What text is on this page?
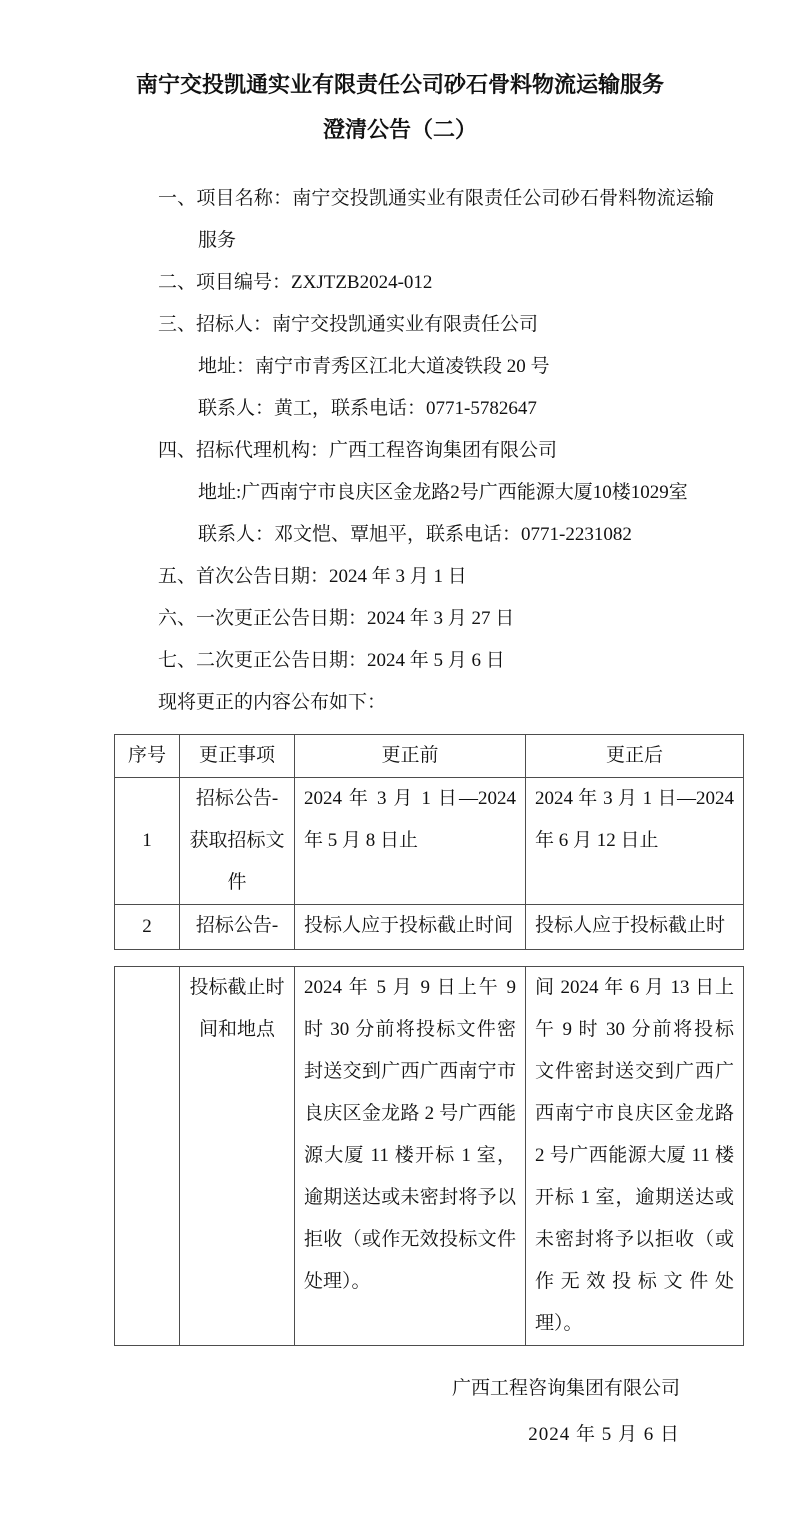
南宁交投凯通实业有限责任公司砂石骨料物流运输服务
澄清公告（二）
一、项目名称：南宁交投凯通实业有限责任公司砂石骨料物流运输服务
二、项目编号：ZXJTZB2024-012
三、招标人：南宁交投凯通实业有限责任公司
地址：南宁市青秀区江北大道凌铁段 20 号
联系人：黄工，联系电话：0771-5782647
四、招标代理机构：广西工程咨询集团有限公司
地址:广西南宁市良庆区金龙路2号广西能源大厦10楼1029室
联系人：邓文恺、覃旭平，联系电话：0771-2231082
五、首次公告日期：2024 年 3 月 1 日
六、一次更正公告日期：2024 年 3 月 27 日
七、二次更正公告日期：2024 年 5 月 6 日
现将更正的内容公布如下：
序号	更正事项	更正前	更正后
1	招标公告-获取招标文件	2024 年 3 月 1 日—2024 年 5 月 8 日止	2024 年 3 月 1 日—2024 年 6 月 12 日止
2	招标公告-	投标人应于投标截止时间	投标人应于投标截止时
	投标截止时间和地点	2024 年 5 月 9 日上午 9 时 30 分前将投标文件密封送交到广西广西南宁市良庆区金龙路 2 号广西能源大厦 11 楼开标 1 室，逾期送达或未密封将予以拒收（或作无效投标文件处理）。	间 2024 年 6 月 13 日上午 9 时 30 分前将投标文件密封送交到广西广西南宁市良庆区金龙路 2 号广西能源大厦 11 楼开标 1 室，逾期送达或未密封将予以拒收（或作无效投标文件处理）。
广西工程咨询集团有限公司
2024 年 5 月 6 日
